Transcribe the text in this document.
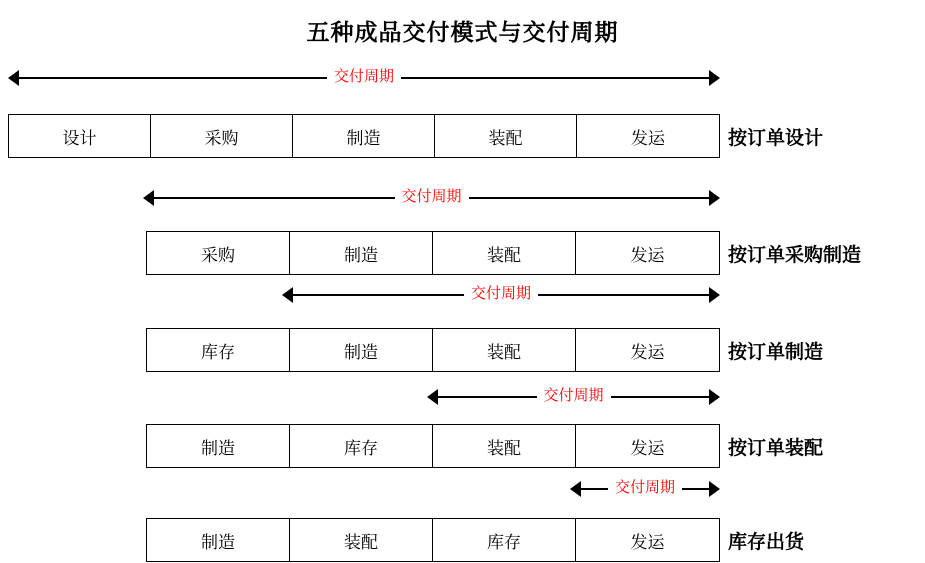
五种成品交付模式与交付周期
交付周期
设计	采购	制造	装配	发运	按订单设计
交付周期
采购	制造	装配	发运	按订单采购制造
交付周期
库存	制造	装配	发运	按订单制造
交付周期
制造	库存	装配	发运	按订单装配
交付周期
制造	装配	库存	发运	库存出货
